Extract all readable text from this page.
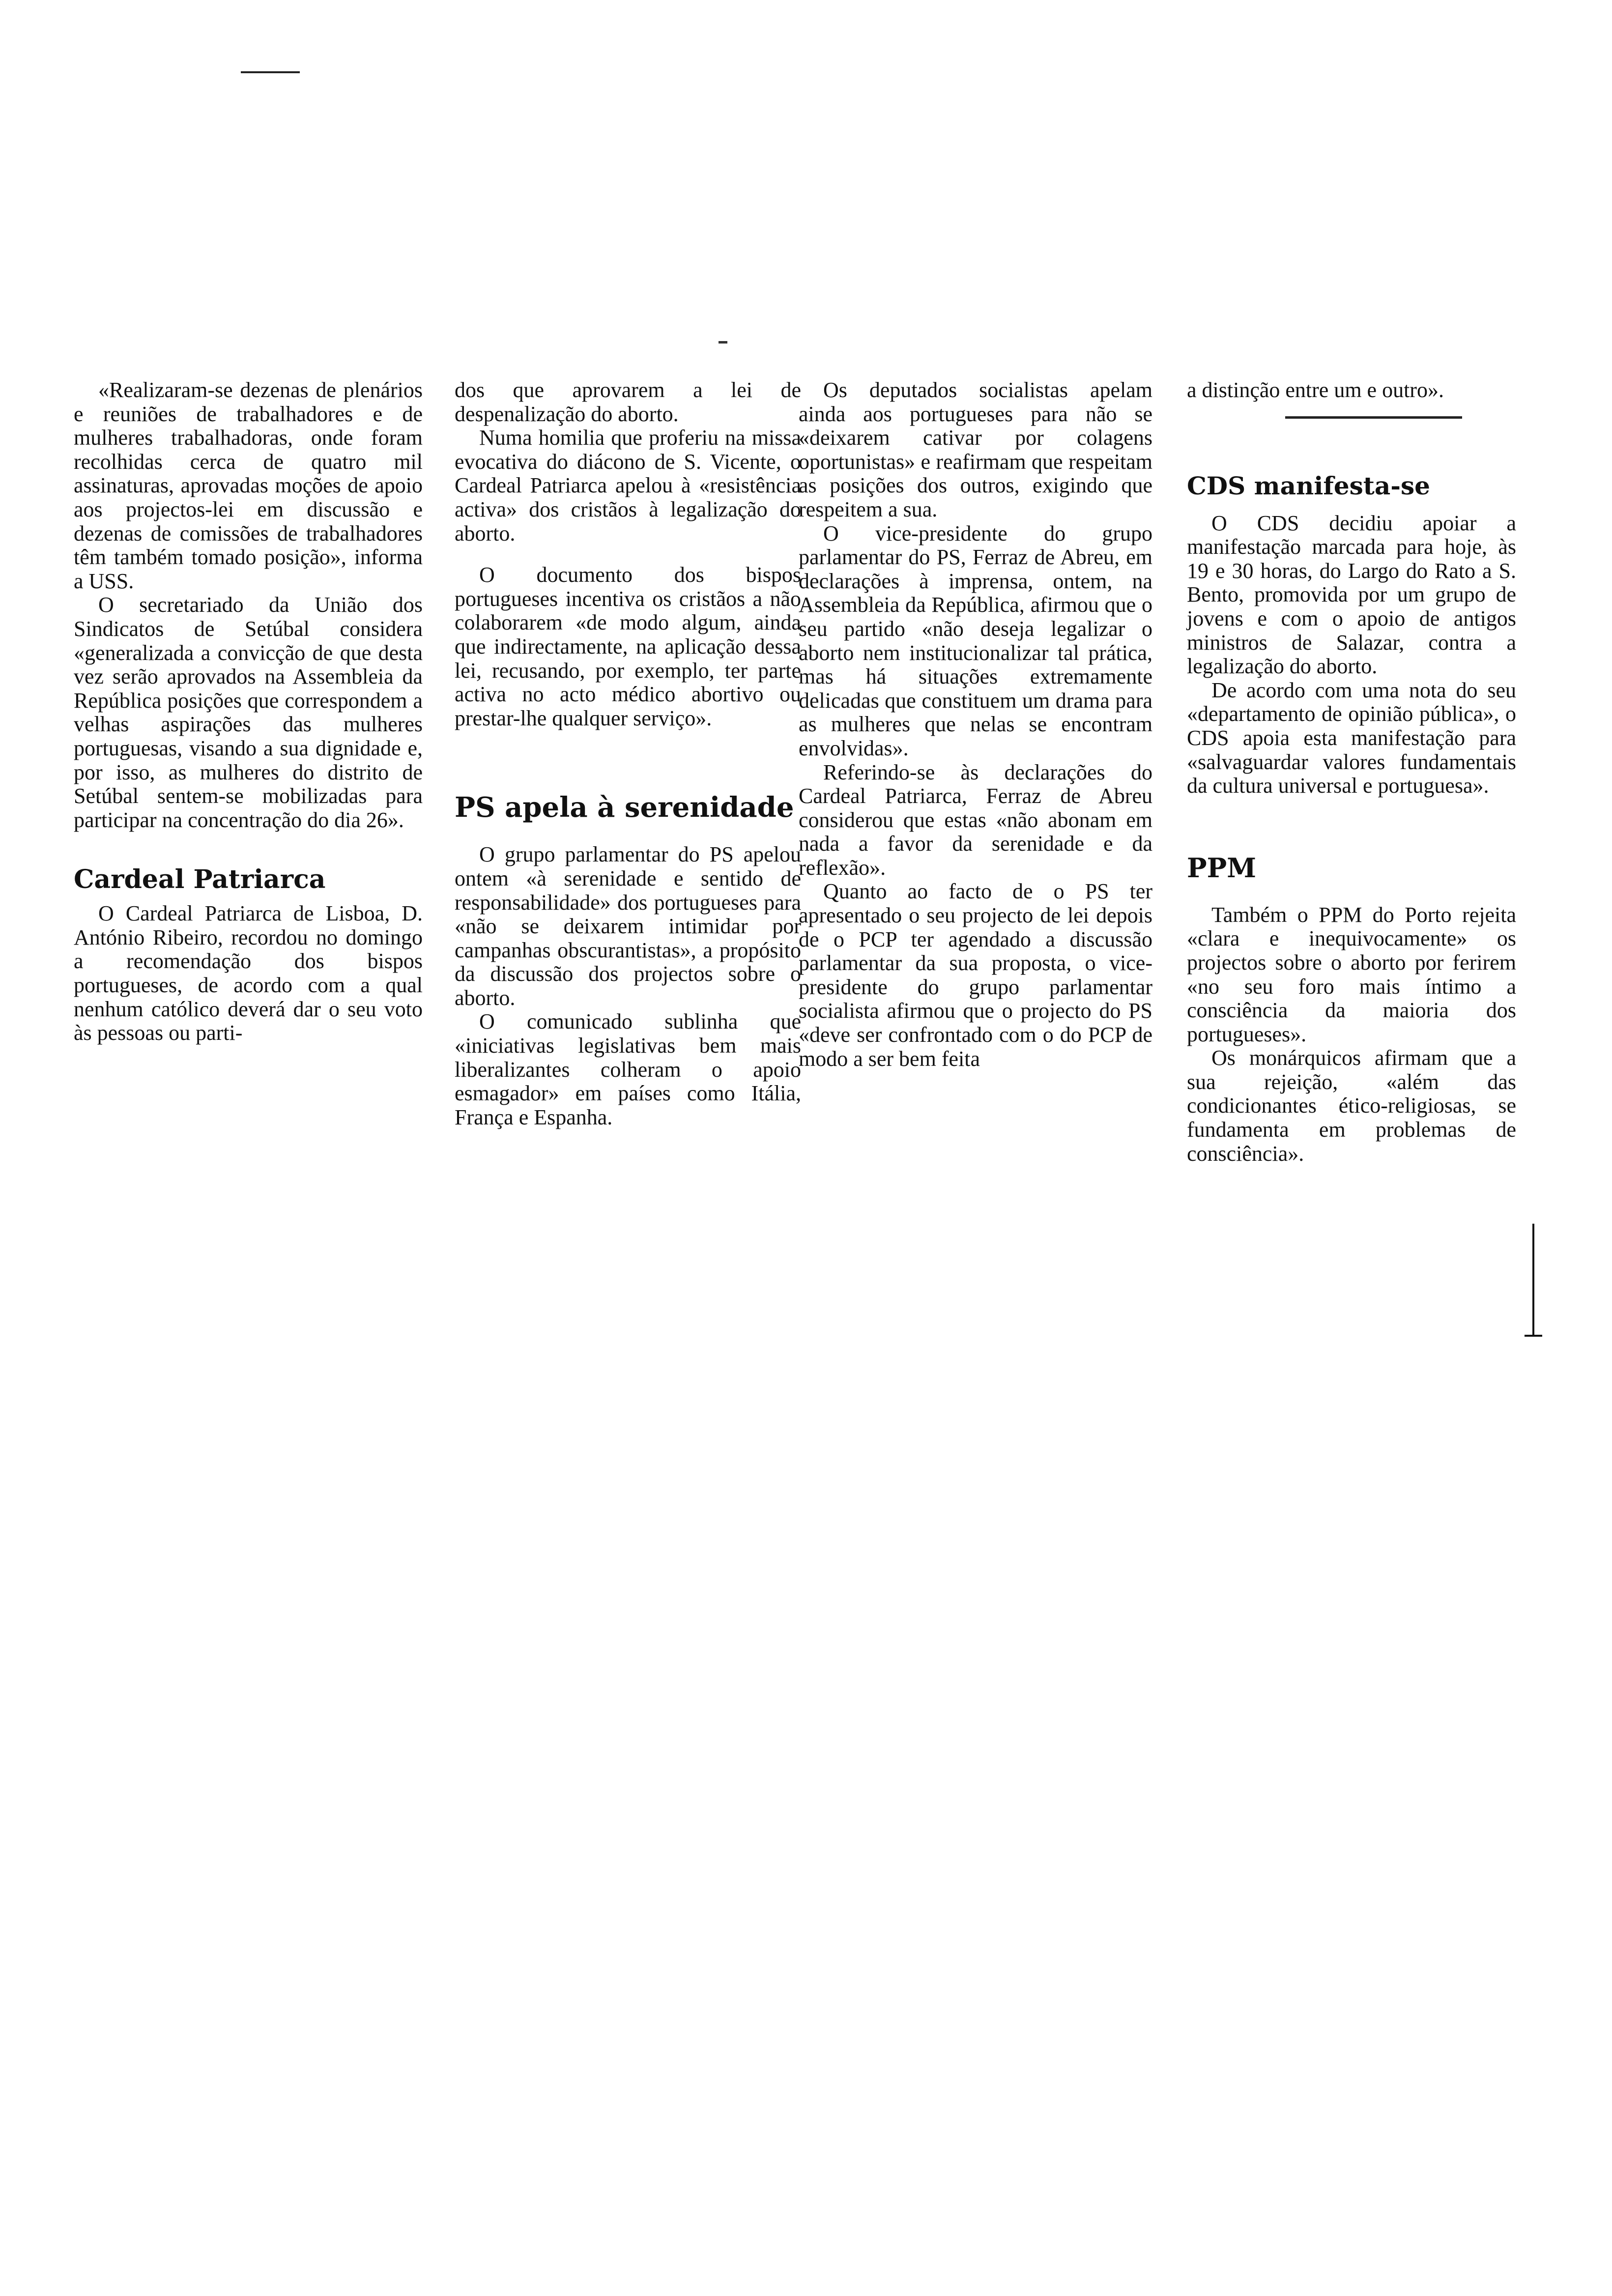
«Realizaram-se dezenas de plenários e reuniões de trabalhadores e de mulheres trabalhadoras, onde foram recolhidas cerca de quatro mil assinaturas, aprovadas moções de apoio aos projectos-lei em discussão e dezenas de comissões de trabalhadores têm também tomado posição», informa a USS.

O secretariado da União dos Sindicatos de Setúbal considera «generalizada a convicção de que desta vez serão aprovados na Assembleia da República posições que correspondem a velhas aspirações das mulheres portuguesas, visando a sua dignidade e, por isso, as mulheres do distrito de Setúbal sentem-se mobilizadas para participar na concentração do dia 26».

Cardeal Patriarca

O Cardeal Patriarca de Lisboa, D. António Ribeiro, recordou no domingo a recomendação dos bispos portugueses, de acordo com a qual nenhum católico deverá dar o seu voto às pessoas ou parti-

dos que aprovarem a lei de despenalização do aborto.

Numa homilia que proferiu na missa evocativa do diácono de S. Vicente, o Cardeal Patriarca apelou à «resistência activa» dos cristãos à legalização do aborto.

O documento dos bispos portugueses incentiva os cristãos a não colaborarem «de modo algum, ainda que indirectamente, na aplicação dessa lei, recusando, por exemplo, ter parte activa no acto médico abortivo ou prestar-lhe qualquer serviço».

PS apela à serenidade

O grupo parlamentar do PS apelou ontem «à serenidade e sentido de responsabilidade» dos portugueses para «não se deixarem intimidar por campanhas obscurantistas», a propósito da discussão dos projectos sobre o aborto.

O comunicado sublinha que «iniciativas legislativas bem mais liberalizantes colheram o apoio esmagador» em países como Itália, França e Espanha.

Os deputados socialistas apelam ainda aos portugueses para não se «deixarem cativar por colagens oportunistas» e reafirmam que respeitam as posições dos outros, exigindo que respeitem a sua.

O vice-presidente do grupo parlamentar do PS, Ferraz de Abreu, em declarações à imprensa, ontem, na Assembleia da República, afirmou que o seu partido «não deseja legalizar o aborto nem institucionalizar tal prática, mas há situações extremamente delicadas que constituem um drama para as mulheres que nelas se encontram envolvidas».

Referindo-se às declarações do Cardeal Patriarca, Ferraz de Abreu considerou que estas «não abonam em nada a favor da serenidade e da reflexão».

Quanto ao facto de o PS ter apresentado o seu projecto de lei depois de o PCP ter agendado a discussão parlamentar da sua proposta, o vice-presidente do grupo parlamentar socialista afirmou que o projecto do PS «deve ser confrontado com o do PCP de modo a ser bem feita

a distinção entre um e outro».

CDS manifesta-se

O CDS decidiu apoiar a manifestação marcada para hoje, às 19 e 30 horas, do Largo do Rato a S. Bento, promovida por um grupo de jovens e com o apoio de antigos ministros de Salazar, contra a legalização do aborto.

De acordo com uma nota do seu «departamento de opinião pública», o CDS apoia esta manifestação para «salvaguardar valores fundamentais da cultura universal e portuguesa».

PPM

Também o PPM do Porto rejeita «clara e inequivocamente» os projectos sobre o aborto por ferirem «no seu foro mais íntimo a consciência da maioria dos portugueses».

Os monárquicos afirmam que a sua rejeição, «além das condicionantes ético-religiosas, se fundamenta em problemas de consciência».
